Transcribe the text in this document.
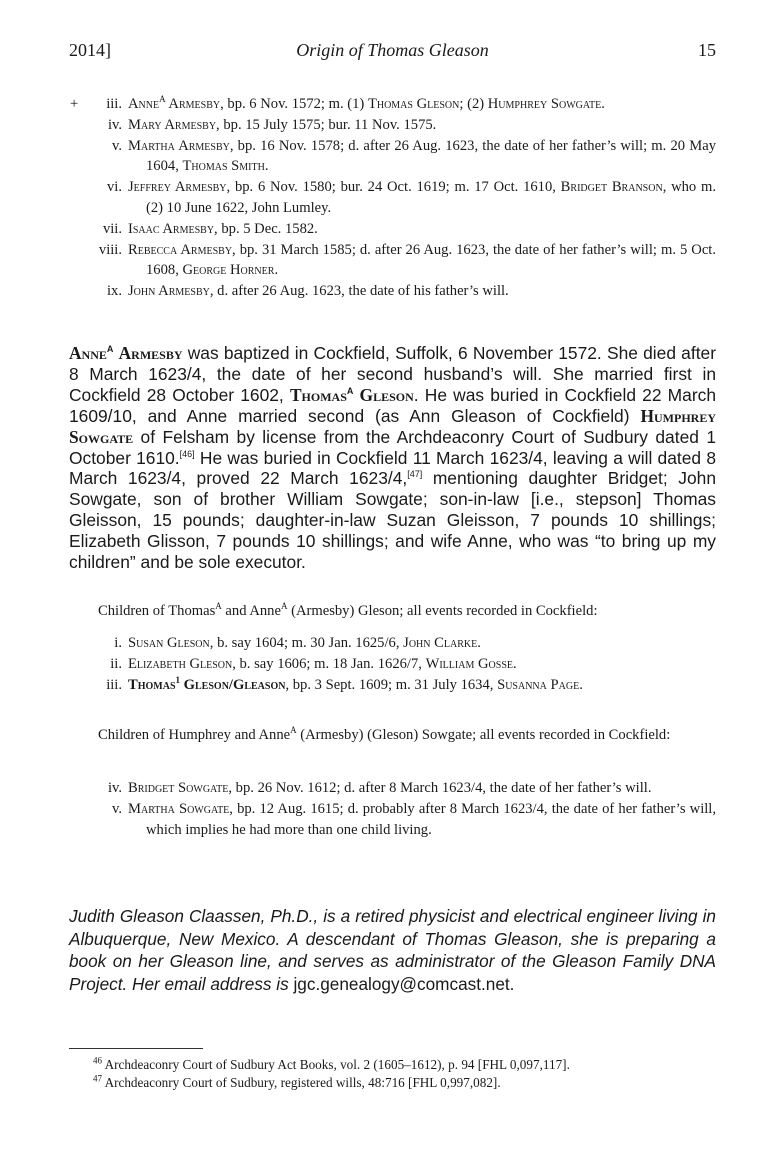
2014]	Origin of Thomas Gleason	15
+	iii. Anne$^A$ Armesby, bp. 6 Nov. 1572; m. (1) Thomas Gleson; (2) Humphrey Sowgate.
iv. Mary Armesby, bp. 15 July 1575; bur. 11 Nov. 1575.
v. Martha Armesby, bp. 16 Nov. 1578; d. after 26 Aug. 1623, the date of her father’s will; m. 20 May 1604, Thomas Smith.
vi. Jeffrey Armesby, bp. 6 Nov. 1580; bur. 24 Oct. 1619; m. 17 Oct. 1610, Bridget Branson, who m. (2) 10 June 1622, John Lumley.
vii. Isaac Armesby, bp. 5 Dec. 1582.
viii. Rebecca Armesby, bp. 31 March 1585; d. after 26 Aug. 1623, the date of her father’s will; m. 5 Oct. 1608, George Horner.
ix. John Armesby, d. after 26 Aug. 1623, the date of his father’s will.
Anne$^A$ Armesby was baptized in Cockfield, Suffolk, 6 November 1572. She died after 8 March 1623/4, the date of her second husband’s will. She married first in Cockfield 28 October 1602, Thomas$^A$ Gleson. He was buried in Cockfield 22 March 1609/10, and Anne married second (as Ann Gleason of Cockfield) Humphrey Sowgate of Felsham by license from the Archdeaconry Court of Sudbury dated 1 October 1610.[46] He was buried in Cockfield 11 March 1623/4, leaving a will dated 8 March 1623/4, proved 22 March 1623/4,[47] mentioning daughter Bridget; John Sowgate, son of brother William Sowgate; son-in-law [i.e., stepson] Thomas Gleisson, 15 pounds; daughter-in-law Suzan Gleisson, 7 pounds 10 shillings; Elizabeth Glisson, 7 pounds 10 shillings; and wife Anne, who was “to bring up my children” and be sole executor.
Children of Thomas$^A$ and Anne$^A$ (Armesby) Gleson; all events recorded in Cockfield:
i. Susan Gleson, b. say 1604; m. 30 Jan. 1625/6, John Clarke.
ii. Elizabeth Gleson, b. say 1606; m. 18 Jan. 1626/7, William Gosse.
iii. Thomas$^1$ Gleson/Gleason, bp. 3 Sept. 1609; m. 31 July 1634, Susanna Page.
Children of Humphrey and Anne$^A$ (Armesby) (Gleson) Sowgate; all events recorded in Cockfield:
iv. Bridget Sowgate, bp. 26 Nov. 1612; d. after 8 March 1623/4, the date of her father’s will.
v. Martha Sowgate, bp. 12 Aug. 1615; d. probably after 8 March 1623/4, the date of her father’s will, which implies he had more than one child living.
Judith Gleason Claassen, Ph.D., is a retired physicist and electrical engineer living in Albuquerque, New Mexico. A descendant of Thomas Gleason, she is preparing a book on her Gleason line, and serves as administrator of the Gleason Family DNA Project. Her email address is jgc.genealogy@comcast.net.
$^{46}$ Archdeaconry Court of Sudbury Act Books, vol. 2 (1605–1612), p. 94 [FHL 0,097,117].
$^{47}$ Archdeaconry Court of Sudbury, registered wills, 48:716 [FHL 0,997,082].
